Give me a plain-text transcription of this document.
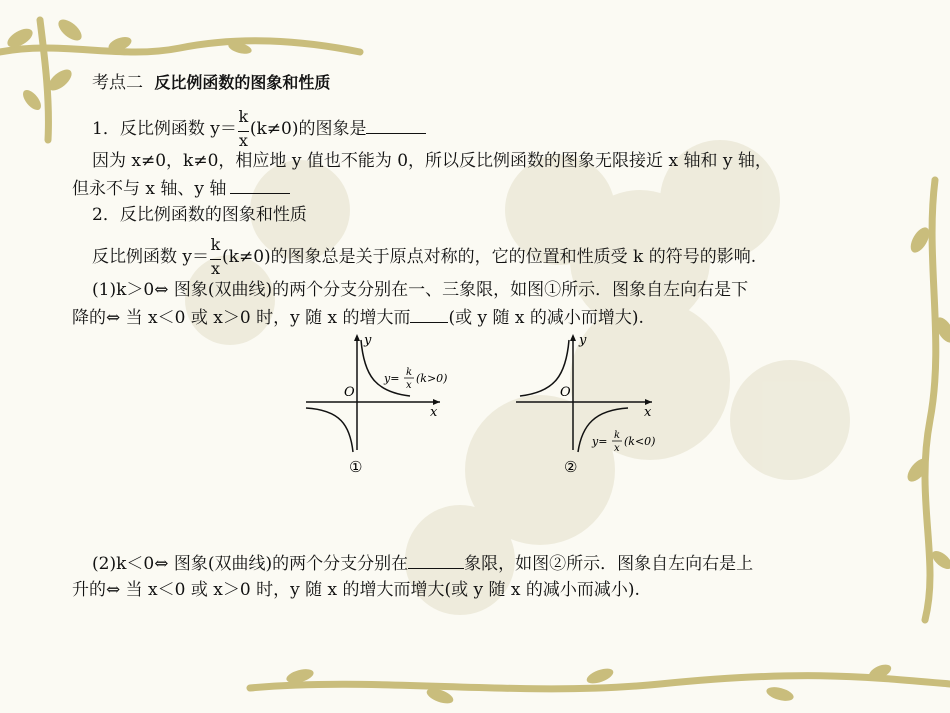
考点二 反比例函数的图象和性质
1．反比例函数 $y= \frac{k}{x} (k\ne 0)$的图象是
因为 x≠0，k≠0，相应地 y 值也不能为 0，所以反比例函数的图象无限接近 x 轴和 y 轴，
但永不与 x 轴、y 轴
2．反比例函数的图象和性质
反比例函数 $y= \frac{k}{x} (k\ne 0)$的图象总是关于原点对称的，它的位置和性质受 k 的符号的影响.
(1)k＞0⇔ 图象(双曲线)的两个分支分别在一、三象限，如图①所示．图象自左向右是下
降的⇔ 当 x＜0 或 x＞0 时，y 随 x 的增大而 (或 y 随 x 的减小而增大).
x
y
O
y= k
x
(k>0)
①
x
y
O
y= k
x
(k<0)
②
(2)k＜0⇔ 图象(双曲线)的两个分支分别在	象限，如图②所示．图象自左向右是上
升的⇔ 当 x＜0 或 x＞0 时，y 随 x 的增大而增大(或 y 随 x 的减小而减小).
